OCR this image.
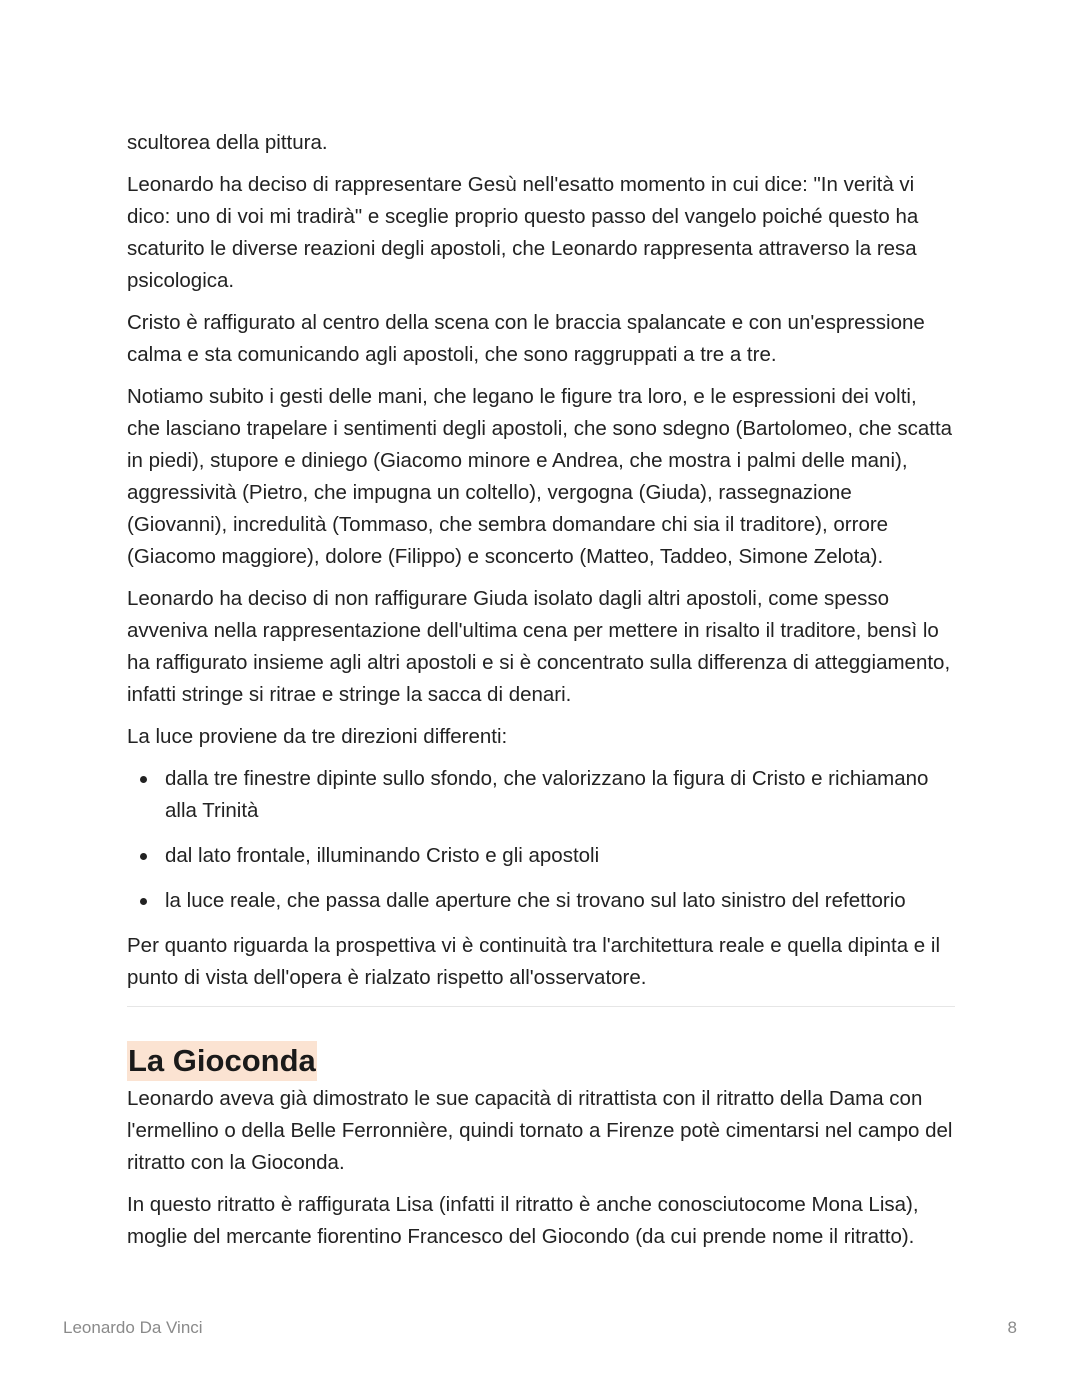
scultorea della pittura.

Leonardo ha deciso di rappresentare Gesù nell'esatto momento in cui dice: "In verità vi dico: uno di voi mi tradirà" e sceglie proprio questo passo del vangelo poiché questo ha scaturito le diverse reazioni degli apostoli, che Leonardo rappresenta attraverso la resa psicologica.

Cristo è raffigurato al centro della scena con le braccia spalancate e con un'espressione calma e sta comunicando agli apostoli, che sono raggruppati a tre a tre.

Notiamo subito i gesti delle mani, che legano le figure tra loro, e le espressioni dei volti, che lasciano trapelare i sentimenti degli apostoli, che sono sdegno (Bartolomeo, che scatta in piedi), stupore e diniego (Giacomo minore e Andrea, che mostra i palmi delle mani), aggressività (Pietro, che impugna un coltello), vergogna (Giuda), rassegnazione (Giovanni), incredulità (Tommaso, che sembra domandare chi sia il traditore), orrore (Giacomo maggiore), dolore (Filippo) e sconcerto (Matteo, Taddeo, Simone Zelota).

Leonardo ha deciso di non raffigurare Giuda isolato dagli altri apostoli, come spesso avveniva nella rappresentazione dell'ultima cena per mettere in risalto il traditore, bensì lo ha raffigurato insieme agli altri apostoli e si è concentrato sulla differenza di atteggiamento, infatti stringe si ritrae e stringe la sacca di denari.

La luce proviene da tre direzioni differenti:

dalla tre finestre dipinte sullo sfondo, che valorizzano la figura di Cristo e richiamano alla Trinità
dal lato frontale, illuminando Cristo e gli apostoli
la luce reale, che passa dalle aperture che si trovano sul lato sinistro del refettorio

Per quanto riguarda la prospettiva vi è continuità tra l'architettura reale e quella dipinta e il punto di vista dell'opera è rialzato rispetto all'osservatore.

La Gioconda

Leonardo aveva già dimostrato le sue capacità di ritrattista con il ritratto della Dama con l'ermellino o della Belle Ferronnière, quindi tornato a Firenze potè cimentarsi nel campo del ritratto con la Gioconda.

In questo ritratto è raffigurata Lisa (infatti il ritratto è anche conosciutocome Mona Lisa), moglie del mercante fiorentino Francesco del Giocondo (da cui prende nome il ritratto).

Leonardo Da Vinci	8
